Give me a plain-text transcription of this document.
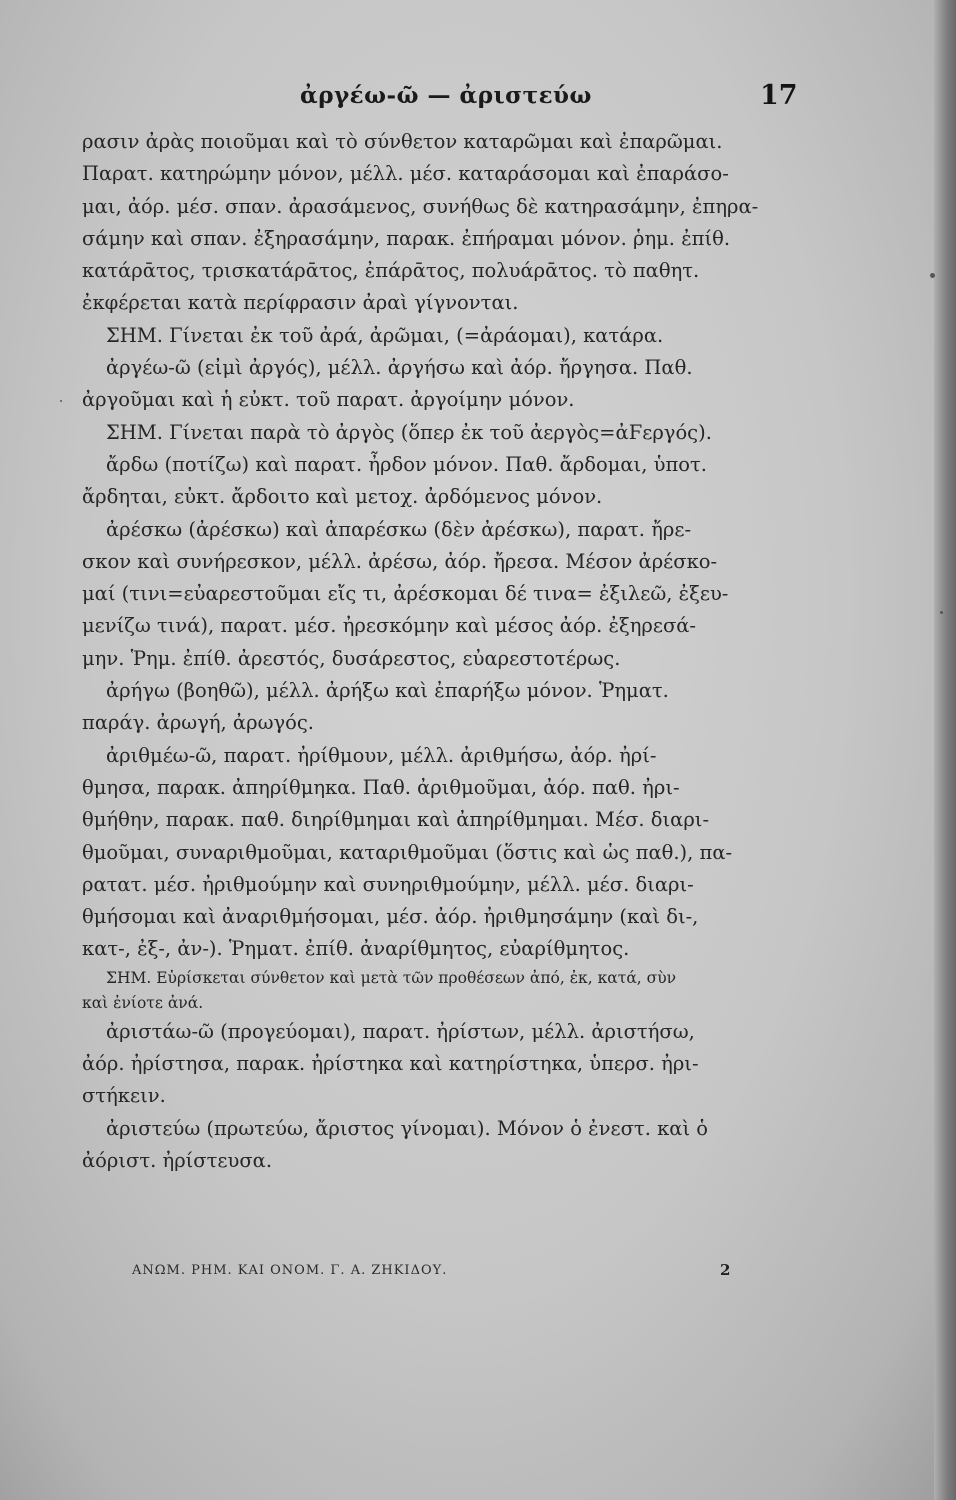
ἀργέω-ῶ — ἀριστεύω	17
ρασιν ἀρὰς ποιοῦμαι καὶ τὸ σύνθετον καταρῶμαι καὶ ἐπαρῶμαι.
Παρατ. κατηρώμην μόνον, μέλλ. μέσ. καταράσομαι καὶ ἐπαράσο-
μαι, ἀόρ. μέσ. σπαν. ἀρασάμενος, συνήθως δὲ κατηρασάμην, ἐπηρα-
σάμην καὶ σπαν. ἐξηρασάμην, παρακ. ἐπήραμαι μόνον. ῥημ. ἐπίθ.
κατάρᾱτος, τρισκατάρᾱτος, ἐπάρᾱτος, πολυάρᾱτος. τὸ παθητ.
ἐκφέρεται κατὰ περίφρασιν ἀραὶ γίγνονται.
ΣΗΜ. Γίνεται ἐκ τοῦ ἀρά, ἀρῶμαι, (=ἀράομαι), κατάρα.
ἀργέω-ῶ (εἰμὶ ἀργός), μέλλ. ἀργήσω καὶ ἀόρ. ἤργησα. Παθ.
ἀργοῦμαι καὶ ἡ εὐκτ. τοῦ παρατ. ἀργοίμην μόνον.
ΣΗΜ. Γίνεται παρὰ τὸ ἀργὸς (ὅπερ ἐκ τοῦ ἀεργὸς=ἀϜεργός).
ἄρδω (ποτίζω) καὶ παρατ. ἦρδον μόνον. Παθ. ἄρδομαι, ὑποτ.
ἄρδηται, εὐκτ. ἄρδοιτο καὶ μετοχ. ἀρδόμενος μόνον.
ἀρέσκω (ἀρέσκω) καὶ ἀπαρέσκω (δὲν ἀρέσκω), παρατ. ἤρε-
σκον καὶ συνήρεσκον, μέλλ. ἀρέσω, ἀόρ. ἤρεσα. Μέσον ἀρέσκο-
μαί (τινι=εὐαρεστοῦμαι εἴς τι, ἀρέσκομαι δέ τινα= ἐξιλεῶ, ἐξευ-
μενίζω τινά), παρατ. μέσ. ἠρεσκόμην καὶ μέσος ἀόρ. ἐξηρεσά-
μην. Ῥημ. ἐπίθ. ἀρεστός, δυσάρεστος, εὐαρεστοτέρως.
ἀρήγω (βοηθῶ), μέλλ. ἀρήξω καὶ ἐπαρήξω μόνον. Ῥηματ.
παράγ. ἀρωγή, ἀρωγός.
ἀριθμέω-ῶ, παρατ. ἠρίθμουν, μέλλ. ἀριθμήσω, ἀόρ. ἠρί-
θμησα, παρακ. ἀπηρίθμηκα. Παθ. ἀριθμοῦμαι, ἀόρ. παθ. ἠρι-
θμήθην, παρακ. παθ. διηρίθμημαι καὶ ἀπηρίθμημαι. Μέσ. διαρι-
θμοῦμαι, συναριθμοῦμαι, καταριθμοῦμαι (ὅστις καὶ ὡς παθ.), πα-
ρατατ. μέσ. ἠριθμούμην καὶ συνηριθμούμην, μέλλ. μέσ. διαρι-
θμήσομαι καὶ ἀναριθμήσομαι, μέσ. ἀόρ. ἠριθμησάμην (καὶ δι-,
κατ-, ἐξ-, ἀν-). Ῥηματ. ἐπίθ. ἀναρίθμητος, εὐαρίθμητος.
ΣΗΜ. Εὑρίσκεται σύνθετον καὶ μετὰ τῶν προθέσεων ἀπό, ἐκ, κατά, σὺν
καὶ ἐνίοτε ἀνά.
ἀριστάω-ῶ (προγεύομαι), παρατ. ἠρίστων, μέλλ. ἀριστήσω,
ἀόρ. ἠρίστησα, παρακ. ἠρίστηκα καὶ κατηρίστηκα, ὑπερσ. ἠρι-
στήκειν.
ἀριστεύω (πρωτεύω, ἄριστος γίνομαι). Μόνον ὁ ἐνεστ. καὶ ὁ
ἀόριστ. ἠρίστευσα.
ΑΝΩΜ. ΡΗΜ. ΚΑΙ ΟΝΟΜ. Γ. Α. ΖΗΚΙΔΟΥ.	2
